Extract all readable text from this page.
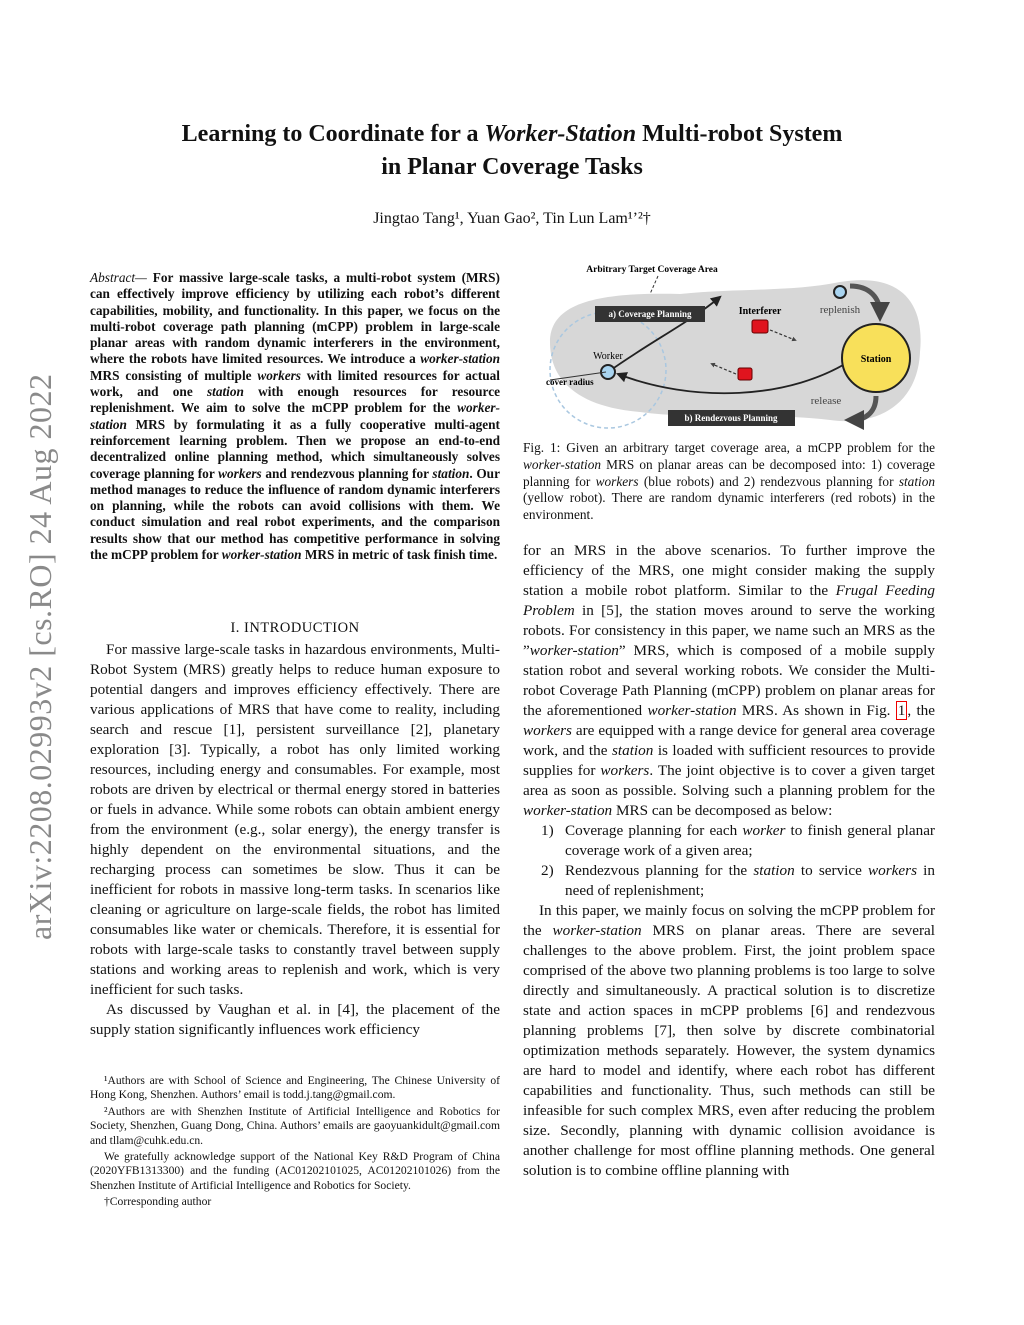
Learning to Coordinate for a Worker-Station Multi-robot System
in Planar Coverage Tasks
Jingtao Tang¹, Yuan Gao², Tin Lun Lam¹ʼ²†
arXiv:2208.02993v2 [cs.RO] 24 Aug 2022
Abstract— For massive large-scale tasks, a multi-robot system (MRS) can effectively improve efficiency by utilizing each robot’s different capabilities, mobility, and functionality. In this paper, we focus on the multi-robot coverage path planning (mCPP) problem in large-scale planar areas with random dynamic interferers in the environment, where the robots have limited resources. We introduce a worker-station MRS consisting of multiple workers with limited resources for actual work, and one station with enough resources for resource replenishment. We aim to solve the mCPP problem for the worker-station MRS by formulating it as a fully cooperative multi-agent reinforcement learning problem. Then we propose an end-to-end decentralized online planning method, which simultaneously solves coverage planning for workers and rendezvous planning for station. Our method manages to reduce the influence of random dynamic interferers on planning, while the robots can avoid collisions with them. We conduct simulation and real robot experiments, and the comparison results show that our method has competitive performance in solving the mCPP problem for worker-station MRS in metric of task finish time.
I. INTRODUCTION

For massive large-scale tasks in hazardous environments, Multi-Robot System (MRS) greatly helps to reduce human exposure to potential dangers and improves efficiency effectively. There are various applications of MRS that have come to reality, including search and rescue [1], persistent surveillance [2], planetary exploration [3]. Typically, a robot has only limited working resources, including energy and consumables. For example, most robots are driven by electrical or thermal energy stored in batteries or fuels in advance. While some robots can obtain ambient energy from the environment (e.g., solar energy), the energy transfer is highly dependent on the environmental situations, and the recharging process can sometimes be slow. Thus it can be inefficient for robots in massive long-term tasks. In scenarios like cleaning or agriculture on large-scale fields, the robot has limited consumables like water or chemicals. Therefore, it is essential for robots with large-scale tasks to constantly travel between supply stations and working areas to replenish and work, which is very inefficient for such tasks.

As discussed by Vaughan et al. in [4], the placement of the supply station significantly influences work efficiency

¹Authors are with School of Science and Engineering, The Chinese University of Hong Kong, Shenzhen. Authors’ email is todd.j.tang@gmail.com.
²Authors are with Shenzhen Institute of Artificial Intelligence and Robotics for Society, Shenzhen, Guang Dong, China. Authors’ emails are gaoyuankidult@gmail.com and tllam@cuhk.edu.cn.
We gratefully acknowledge support of the National Key R&D Program of China (2020YFB1313300) and the funding (AC01202101025, AC01202101026) from the Shenzhen Institute of Artificial Intelligence and Robotics for Society.
†Corresponding author
Arbitrary Target Coverage Area
a) Coverage Planning
b) Rendezvous Planning
Interferer
Worker
cover radius
replenish
Station
release
Fig. 1: Given an arbitrary target coverage area, a mCPP problem for the worker-station MRS on planar areas can be decomposed into: 1) coverage planning for workers (blue robots) and 2) rendezvous planning for station (yellow robot). There are random dynamic interferers (red robots) in the environment.

for an MRS in the above scenarios. To further improve the efficiency of the MRS, one might consider making the supply station a mobile robot platform. Similar to the Frugal Feeding Problem in [5], the station moves around to serve the working robots. For consistency in this paper, we name such an MRS as the ”worker-station” MRS, which is composed of a mobile supply station robot and several working robots. We consider the Multi-robot Coverage Path Planning (mCPP) problem on planar areas for the aforementioned worker-station MRS. As shown in Fig. 1 , the workers are equipped with a range device for general area coverage work, and the station is loaded with sufficient resources to provide supplies for workers. The joint objective is to cover a given target area as soon as possible. Solving such a planning problem for the worker-station MRS can be decomposed as below:

1) Coverage planning for each worker to finish general planar coverage work of a given area;
2) Rendezvous planning for the station to service workers in need of replenishment;

In this paper, we mainly focus on solving the mCPP problem for the worker-station MRS on planar areas. There are several challenges to the above problem. First, the joint problem space comprised of the above two planning problems is too large to solve directly and simultaneously. A practical solution is to discretize state and action spaces in mCPP problems [6] and rendezvous planning problems [7], then solve by discrete combinatorial optimization methods separately. However, the system dynamics are hard to model and identify, where each robot has different capabilities and functionality. Thus, such methods can still be infeasible for such complex MRS, even after reducing the problem size. Secondly, planning with dynamic collision avoidance is another challenge for most offline planning methods. One general solution is to combine offline planning with
